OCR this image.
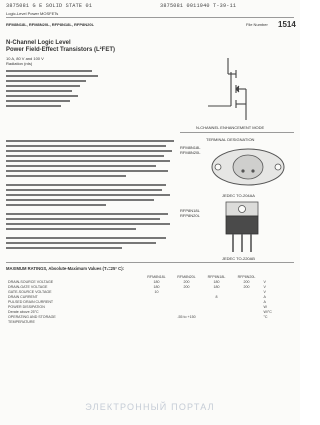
3875081 G E SOLID STATE 01	3875081 0011940 T-39-11
Logic-Level Power MOSFETs
RFM8N18L, RFM8N20L, RFP8N18L, RFP8N20L	File Number 1514
N-Channel Logic Level
Power Field-Effect Transistors (L²FET)
10 A, 80 V and 100 V
Radiation (rds)
N-CHANNEL ENHANCEMENT MODE
TERMINAL DESIGNATION
RFM8N18L
RFM8N20L
JEDEC TO-204AA
RFP8N18L
RFP8N20L
JEDEC TO-220AB
MAXIMUM RATINGS, Absolute-Maximum Values (T₁=25° C):
	RFM8N18L	RFM8N20L	RFP8N18L	RFP8N20L	
DRAIN-SOURCE VOLTAGE	180	200	180	200	V
DRAIN-GATE VOLTAGE	180	200	180	200	V
GATE-SOURCE VOLTAGE	10				V
DRAIN CURRENT			8		A
PULSED DRAIN CURRENT					A
POWER DISSIPATION					W
Derate above 25°C					W/°C
OPERATING AND STORAGE		-55 to +150			°C
TEMPERATURE					
ЭЛЕКТРОННЫЙ ПОРТАЛ
